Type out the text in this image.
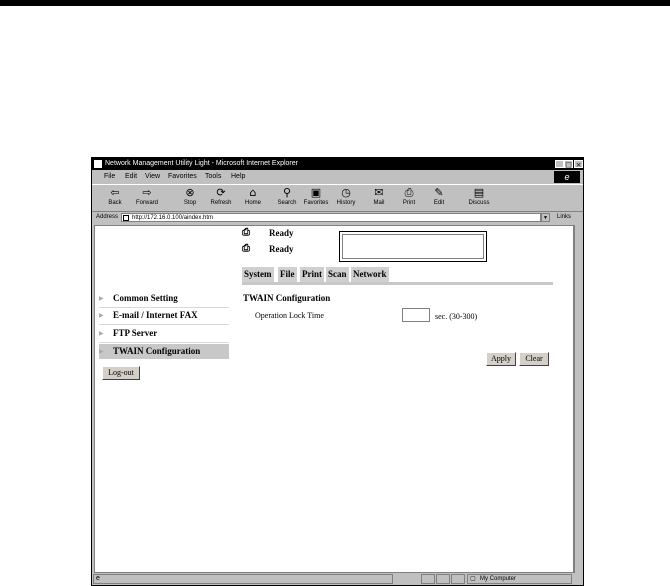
Network Management Utility Light - Microsoft Internet Explorer	_ □ ×
File Edit View Favorites Tools Help	e
⇦
Back
⇨
Forward
⊗
Stop
⟳
Refresh
⌂
Home
⚲
Search
▣
Favorites
◷
History
✉
Mail
⎙
Print
✎
Edit
▤
Discuss
Address	http://172.16.0.100/aindex.htm	▼	Links
⎙	Ready
⎙	Ready
System File Print Scan Network
▶ Common Setting
▶ E-mail / Internet FAX
▶ FTP Server
▶ TWAIN Configuration
Log-out
TWAIN Configuration
Operation Lock Time	sec. (30-300)
Apply	Clear
e	▢ My Computer
